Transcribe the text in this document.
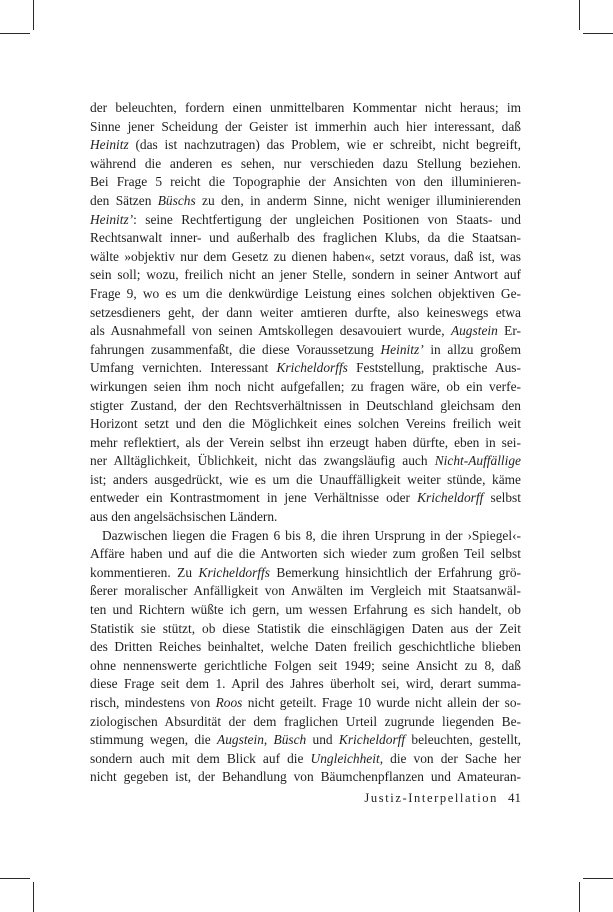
der beleuchten, fordern einen unmittelbaren Kommentar nicht heraus; im
Sinne jener Scheidung der Geister ist immerhin auch hier interessant, daß
Heinitz (das ist nachzutragen) das Problem, wie er schreibt, nicht begreift,
während die anderen es sehen, nur verschieden dazu Stellung beziehen.
Bei Frage 5 reicht die Topographie der Ansichten von den illuminieren-
den Sätzen Büschs zu den, in anderm Sinne, nicht weniger illuminierenden
Heinitz’: seine Rechtfertigung der ungleichen Positionen von Staats- und
Rechtsanwalt inner- und außerhalb des fraglichen Klubs, da die Staatsan-
wälte »objektiv nur dem Gesetz zu dienen haben«, setzt voraus, daß ist, was
sein soll; wozu, freilich nicht an jener Stelle, sondern in seiner Antwort auf
Frage 9, wo es um die denkwürdige Leistung eines solchen objektiven Ge-
setzesdieners geht, der dann weiter amtieren durfte, also keineswegs etwa
als Ausnahmefall von seinen Amtskollegen desavouiert wurde, Augstein Er-
fahrungen zusammenfaßt, die diese Voraussetzung Heinitz’ in allzu großem
Umfang vernichten. Interessant Kricheldorffs Feststellung, praktische Aus-
wirkungen seien ihm noch nicht aufgefallen; zu fragen wäre, ob ein verfe-
stigter Zustand, der den Rechtsverhältnissen in Deutschland gleichsam den
Horizont setzt und den die Möglichkeit eines solchen Vereins freilich weit
mehr reflektiert, als der Verein selbst ihn erzeugt haben dürfte, eben in sei-
ner Alltäglichkeit, Üblichkeit, nicht das zwangsläufig auch Nicht-Auffällige
ist; anders ausgedrückt, wie es um die Unauffälligkeit weiter stünde, käme
entweder ein Kontrastmoment in jene Verhältnisse oder Kricheldorff selbst
aus den angelsächsischen Ländern.
Dazwischen liegen die Fragen 6 bis 8, die ihren Ursprung in der ›Spiegel‹-
Affäre haben und auf die die Antworten sich wieder zum großen Teil selbst
kommentieren. Zu Kricheldorffs Bemerkung hinsichtlich der Erfahrung grö-
ßerer moralischer Anfälligkeit von Anwälten im Vergleich mit Staatsanwäl-
ten und Richtern wüßte ich gern, um wessen Erfahrung es sich handelt, ob
Statistik sie stützt, ob diese Statistik die einschlägigen Daten aus der Zeit
des Dritten Reiches beinhaltet, welche Daten freilich geschichtliche blieben
ohne nennenswerte gerichtliche Folgen seit 1949; seine Ansicht zu 8, daß
diese Frage seit dem 1. April des Jahres überholt sei, wird, derart summa-
risch, mindestens von Roos nicht geteilt. Frage 10 wurde nicht allein der so-
ziologischen Absurdität der dem fraglichen Urteil zugrunde liegenden Be-
stimmung wegen, die Augstein, Büsch und Kricheldorff beleuchten, gestellt,
sondern auch mit dem Blick auf die Ungleichheit, die von der Sache her
nicht gegeben ist, der Behandlung von Bäumchenpflanzen und Amateuran-
Justiz-Interpellation 41
